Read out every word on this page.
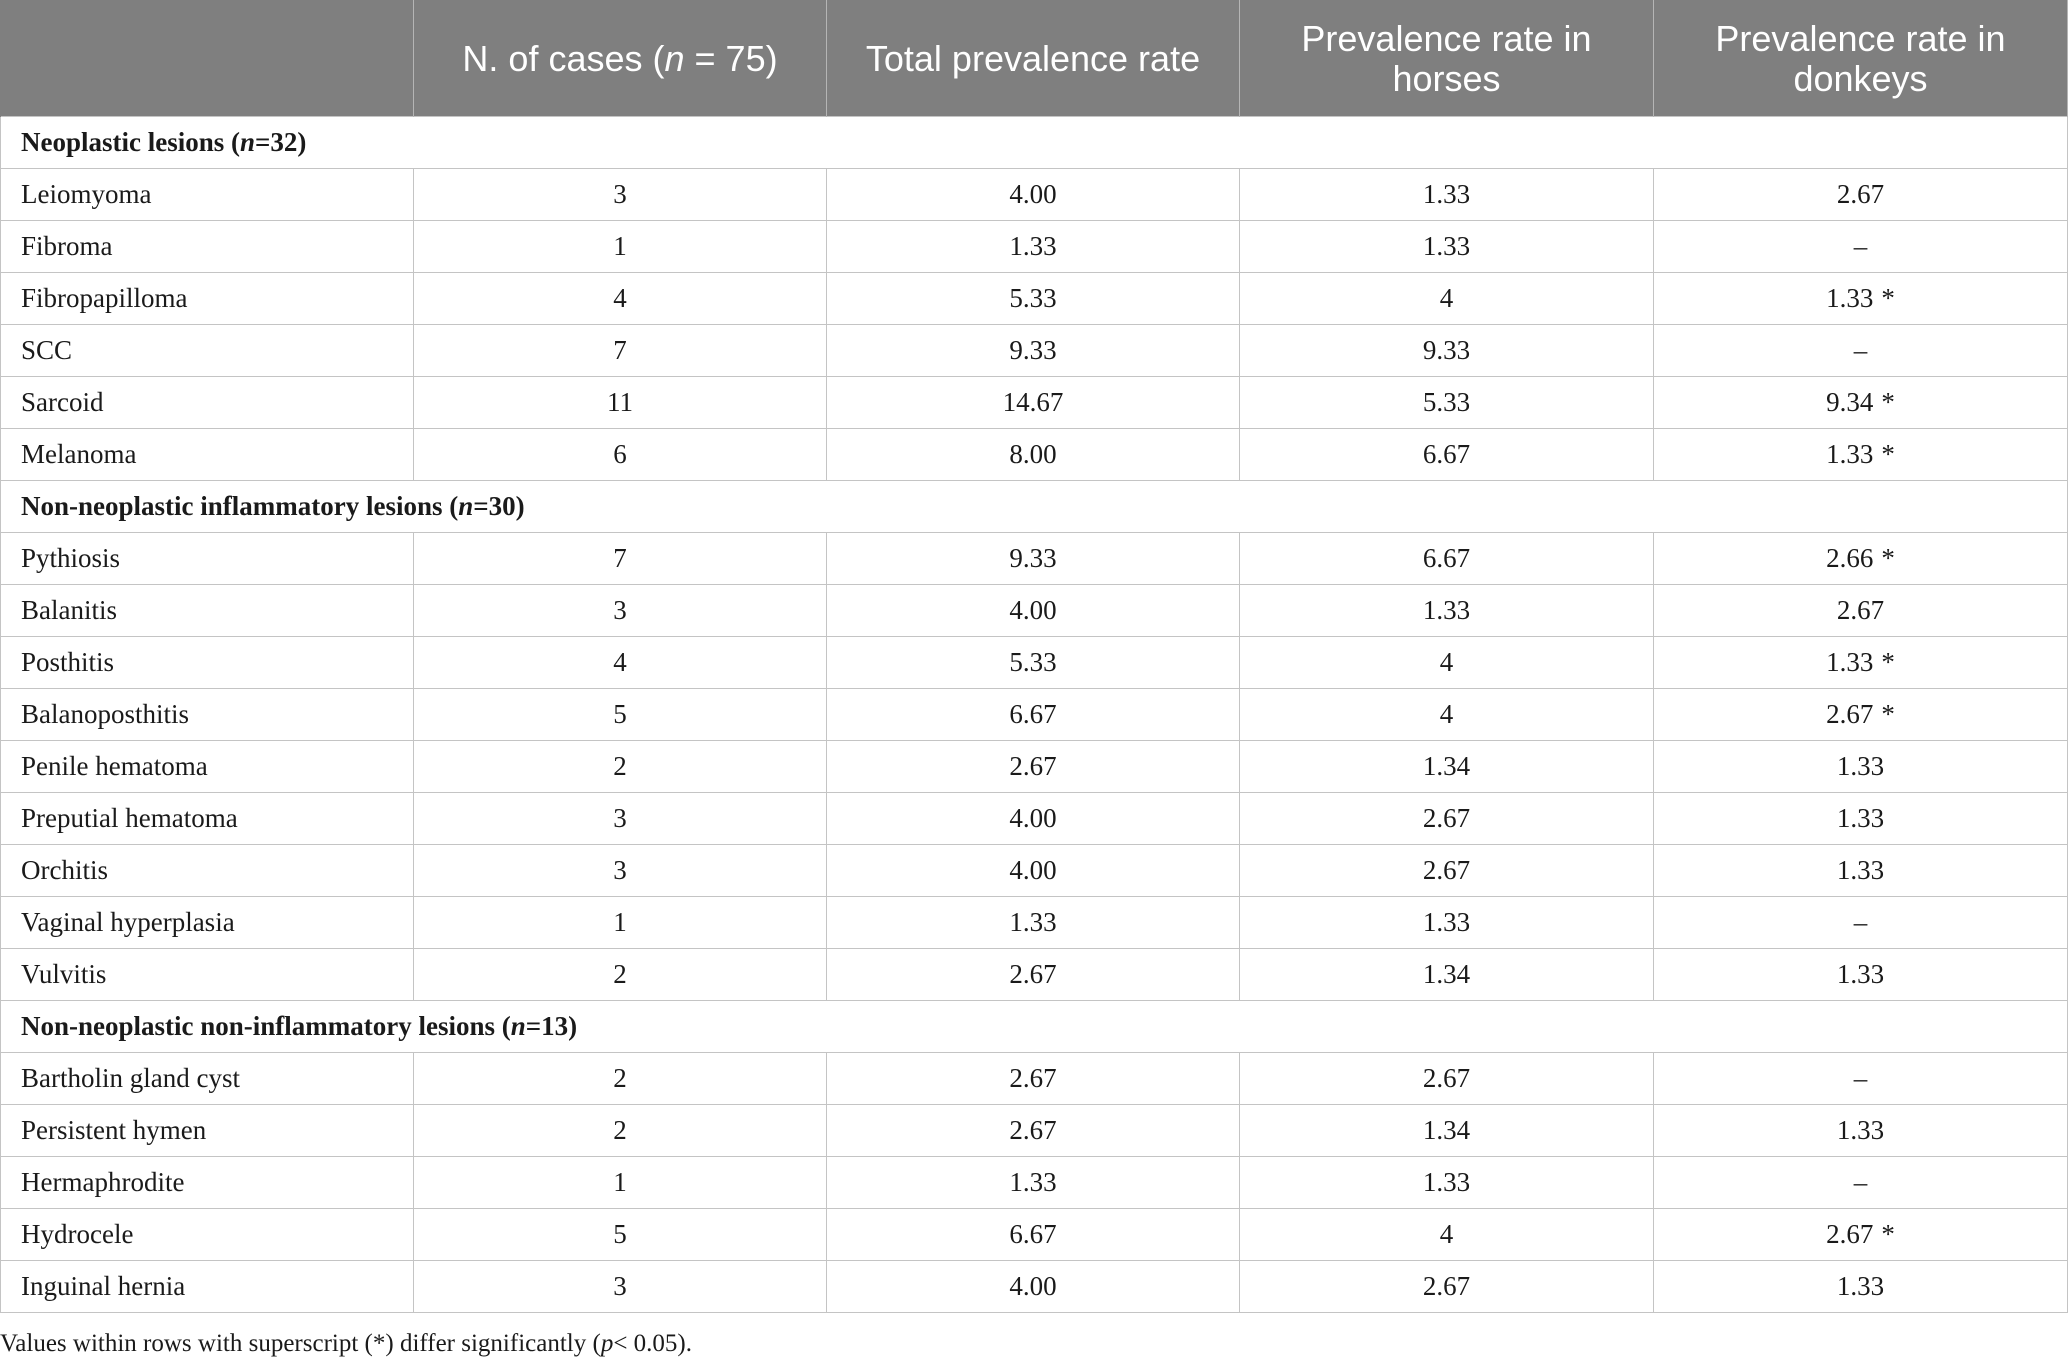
	N. of cases (n = 75)	Total prevalence rate	Prevalence rate in horses	Prevalence rate in donkeys
Neoplastic lesions (n=32)				
Leiomyoma	3	4.00	1.33	2.67
Fibroma	1	1.33	1.33	–
Fibropapilloma	4	5.33	4	1.33 *
SCC	7	9.33	9.33	–
Sarcoid	11	14.67	5.33	9.34 *
Melanoma	6	8.00	6.67	1.33 *
Non-neoplastic inflammatory lesions (n=30)				
Pythiosis	7	9.33	6.67	2.66 *
Balanitis	3	4.00	1.33	2.67
Posthitis	4	5.33	4	1.33 *
Balanoposthitis	5	6.67	4	2.67 *
Penile hematoma	2	2.67	1.34	1.33
Preputial hematoma	3	4.00	2.67	1.33
Orchitis	3	4.00	2.67	1.33
Vaginal hyperplasia	1	1.33	1.33	–
Vulvitis	2	2.67	1.34	1.33
Non-neoplastic non-inflammatory lesions (n=13)				
Bartholin gland cyst	2	2.67	2.67	–
Persistent hymen	2	2.67	1.34	1.33
Hermaphrodite	1	1.33	1.33	–
Hydrocele	5	6.67	4	2.67 *
Inguinal hernia	3	4.00	2.67	1.33
Values within rows with superscript (*) differ significantly (p< 0.05).
